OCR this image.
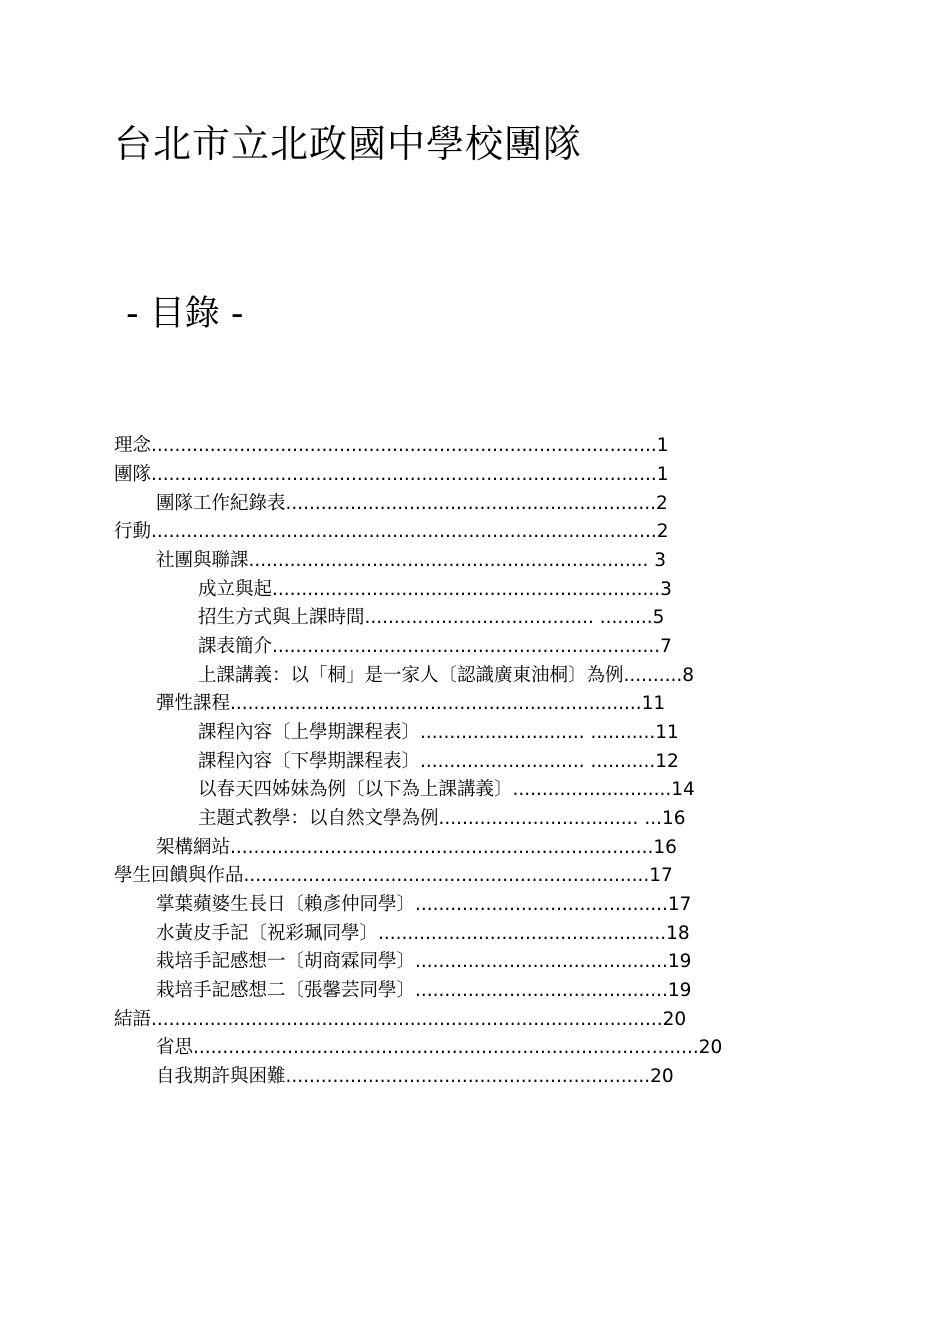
台北市立北政國中學校團隊
- 目錄 -
理念......................................................................................1
團隊......................................................................................1
團隊工作紀錄表...............................................................2
行動......................................................................................2
社團與聯課.................................................................... 3
成立與起..................................................................3
招生方式與上課時間....................................... .........5
課表簡介..................................................................7
上課講義：以「桐」是一家人〔認識廣東油桐〕為例..........8
彈性課程......................................................................11
課程內容〔上學期課程表〕............................ ...........11
課程內容〔下學期課程表〕............................ ...........12
以春天四姊妹為例〔以下為上課講義〕...........................14
主題式教學：以自然文學為例.................................. ...16
架構網站........................................................................16
學生回饋與作品.....................................................................17
掌葉蘋婆生長日〔賴彥仲同學〕...........................................17
水黃皮手記〔祝彩珮同學〕.................................................18
栽培手記感想一〔胡商霖同學〕...........................................19
栽培手記感想二〔張馨芸同學〕...........................................19
結語.......................................................................................20
省思......................................................................................20
自我期許與困難..............................................................20
